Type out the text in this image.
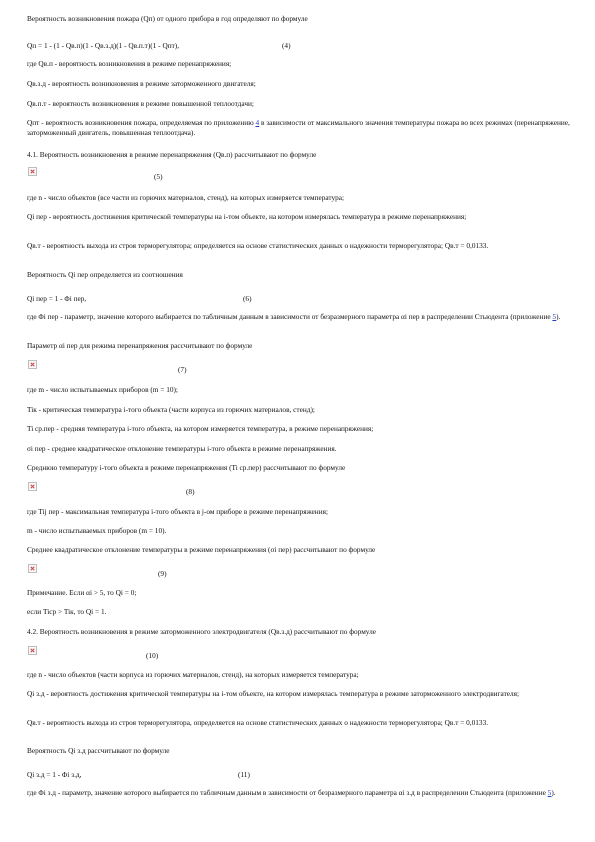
Вероятность возникновения пожара (Qп) от одного прибора в год определяют по формуле
Qп = 1 - (1 - Qв.п)(1 - Qв.з.д)(1 - Qв.п.т)(1 - Qпт),	(4)
где Qв.п - вероятность возникновения в режиме перенапряжения;
Qв.з.д - вероятность возникновения в режиме заторможенного двигателя;
Qв.п.т - вероятность возникновения в режиме повышенной теплоотдачи;
Qпт - вероятность возникновения пожара, определяемая по приложению 4 в зависимости от максимального значения температуры пожара во всех режимах (перенапряжение, заторможенный двигатель, повышенная теплоотдача).
4.1. Вероятность возникновения в режиме перенапряжения (Qв.п) рассчитывают по формуле
(5)
где n - число объектов (все части из горючих материалов, стенд), на которых измеряется температура;
Qi пер - вероятность достижения критической температуры на i-том объекте, на котором измерялась температура в режиме перенапряжения;
Qв.т - вероятность выхода из строя терморегулятора; определяется на основе статистических данных о надежности терморегулятора; Qв.т = 0,0133.
Вероятность Qi пер определяется из соотношения
Qi пер = 1 - Φi пер,	(6)
где Φi пер - параметр, значение которого выбирается по табличным данным в зависимости от безразмерного параметра αi пер в распределении Стьюдента (приложение 5).
Параметр αi пер для режима перенапряжения рассчитывают по формуле
(7)
где m - число испытываемых приборов (m = 10);
Tiк - критическая температура i-того объекта (части корпуса из горючих материалов, стенд);
Ti ср.пер - средняя температура i-того объекта, на котором измеряется температура, в режиме перенапряжения;
σi пер - среднее квадратическое отклонение температуры i-того объекта в режиме перенапряжения.
Среднюю температуру i-того объекта в режиме перенапряжения (Ti ср.пер) рассчитывают по формуле
(8)
где Tij пер - максимальная температура i-того объекта в j-ом приборе в режиме перенапряжения;
m - число испытываемых приборов (m = 10).
Среднее квадратическое отклонение температуры в режиме перенапряжения (σi пер) рассчитывают по формуле
(9)
Примечание. Если αi > 5, то Qi = 0;
если Tiср > Tiк, то Qi = 1.
4.2. Вероятность возникновения в режиме заторможенного электродвигателя (Qв.з.д) рассчитывают по формуле
(10)
где n - число объектов (части корпуса из горючих материалов, стенд), на которых измеряется температура;
Qi з.д - вероятность достижения критической температуры на i-том объекте, на котором измерялась температура в режиме заторможенного электродвигателя;
Qв.т - вероятность выхода из строя терморегулятора, определяется на основе статистических данных о надежности терморегулятора; Qв.т = 0,0133.
Вероятность Qi з.д рассчитывают по формуле
Qi з.д = 1 - Φi з.д,	(11)
где Φi з.д - параметр, значение которого выбирается по табличным данным в зависимости от безразмерного параметра αi з.д в распределении Стьюдента (приложение 5).
